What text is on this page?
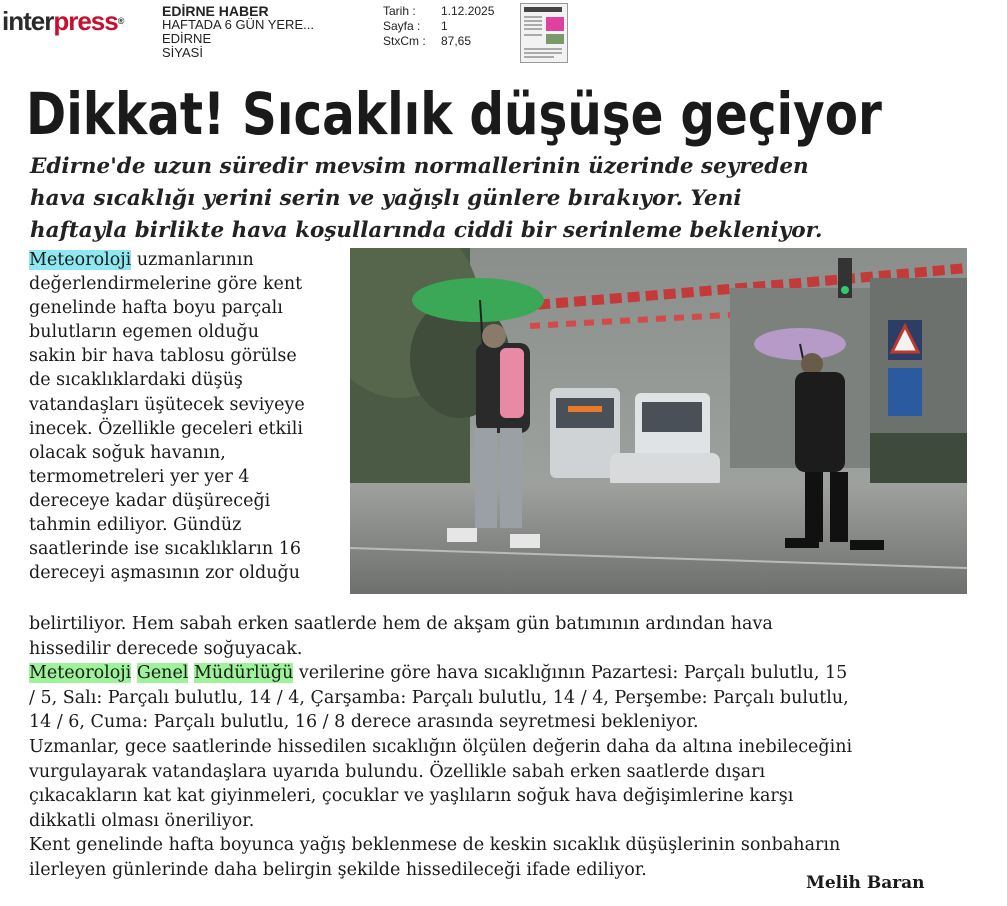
interpress®
EDİRNE HABER
HAFTADA 6 GÜN YERE...
EDİRNE
SİYASİ
Tarih :	1.12.2025
Sayfa :	1
StxCm :	87,65
Dikkat! Sıcaklık düşüşe geçiyor
Edirne'de uzun süredir mevsim normallerinin üzerinde seyreden
hava sıcaklığı yerini serin ve yağışlı günlere bırakıyor. Yeni
haftayla birlikte hava koşullarında ciddi bir serinleme bekleniyor.
Meteoroloji uzmanlarının
değerlendirmelerine göre kent
genelinde hafta boyu parçalı
bulutların egemen olduğu
sakin bir hava tablosu görülse
de sıcaklıklardaki düşüş
vatandaşları üşütecek seviyeye
inecek. Özellikle geceleri etkili
olacak soğuk havanın,
termometreleri yer yer 4
dereceye kadar düşüreceği
tahmin ediliyor. Gündüz
saatlerinde ise sıcaklıkların 16
dereceyi aşmasının zor olduğu
belirtiliyor. Hem sabah erken saatlerde hem de akşam gün batımının ardından hava
hissedilir derecede soğuyacak.
Meteoroloji Genel Müdürlüğü verilerine göre hava sıcaklığının Pazartesi: Parçalı bulutlu, 15
/ 5, Salı: Parçalı bulutlu, 14 / 4, Çarşamba: Parçalı bulutlu, 14 / 4, Perşembe: Parçalı bulutlu,
14 / 6, Cuma: Parçalı bulutlu, 16 / 8 derece arasında seyretmesi bekleniyor.
Uzmanlar, gece saatlerinde hissedilen sıcaklığın ölçülen değerin daha da altına inebileceğini
vurgulayarak vatandaşlara uyarıda bulundu. Özellikle sabah erken saatlerde dışarı
çıkacakların kat kat giyinmeleri, çocuklar ve yaşlıların soğuk hava değişimlerine karşı
dikkatli olması öneriliyor.
Kent genelinde hafta boyunca yağış beklenmese de keskin sıcaklık düşüşlerinin sonbaharın
ilerleyen günlerinde daha belirgin şekilde hissedileceği ifade ediliyor.
Melih Baran
